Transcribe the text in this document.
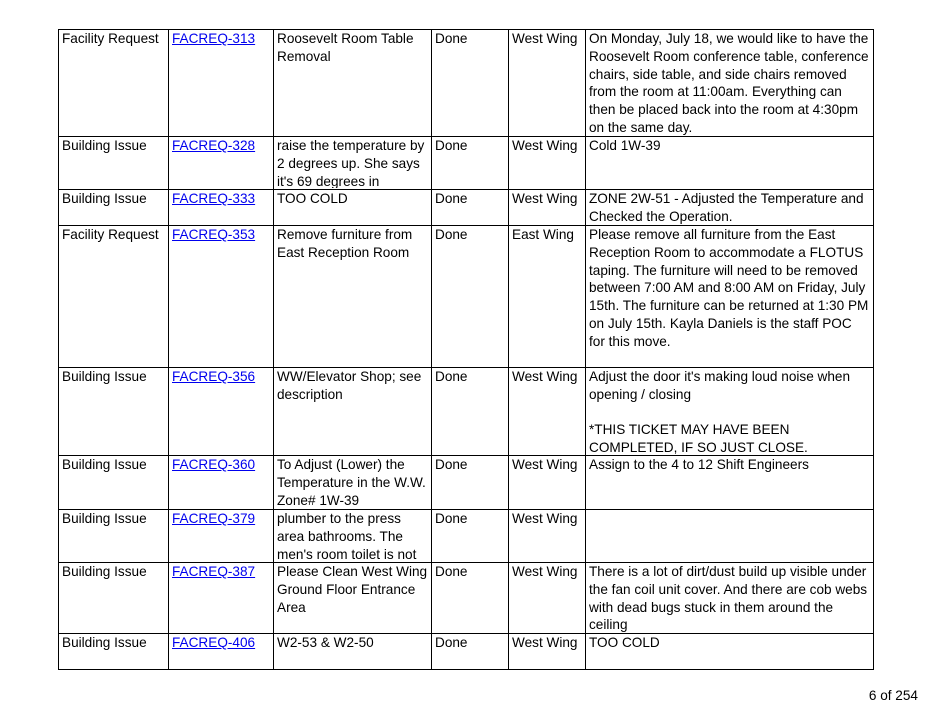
Facility Request	FACREQ-313	Roosevelt Room Table Removal	Done	West Wing	On Monday, July 18, we would like to have the Roosevelt Room conference table, conference chairs, side table, and side chairs removed from the room at 11:00am. Everything can then be placed back into the room at 4:30pm on the same day.

Building Issue	FACREQ-328	raise the temperature by 2 degrees up. She says it's 69 degrees in	Done	West Wing	Cold 1W-39

Building Issue	FACREQ-333	TOO COLD	Done	West Wing	ZONE 2W-51 - Adjusted the Temperature and Checked the Operation.

Facility Request	FACREQ-353	Remove furniture from East Reception Room	Done	East Wing	Please remove all furniture from the East Reception Room to accommodate a FLOTUS taping. The furniture will need to be removed between 7:00 AM and 8:00 AM on Friday, July 15th. The furniture can be returned at 1:30 PM on July 15th. Kayla Daniels is the staff POC for this move.

Building Issue	FACREQ-356	WW/Elevator Shop; see description	Done	West Wing	Adjust the door it's making loud noise when opening / closing
*THIS TICKET MAY HAVE BEEN COMPLETED, IF SO JUST CLOSE.

Building Issue	FACREQ-360	To Adjust (Lower) the Temperature in the W.W. Zone# 1W-39	Done	West Wing	Assign to the 4 to 12 Shift Engineers

Building Issue	FACREQ-379	plumber to the press area bathrooms. The men's room toilet is not	Done	West Wing	

Building Issue	FACREQ-387	Please Clean West Wing Ground Floor Entrance Area	Done	West Wing	There is a lot of dirt/dust build up visible under the fan coil unit cover. And there are cob webs with dead bugs stuck in them around the ceiling

Building Issue	FACREQ-406	W2-53 & W2-50	Done	West Wing	TOO COLD
6 of 254
